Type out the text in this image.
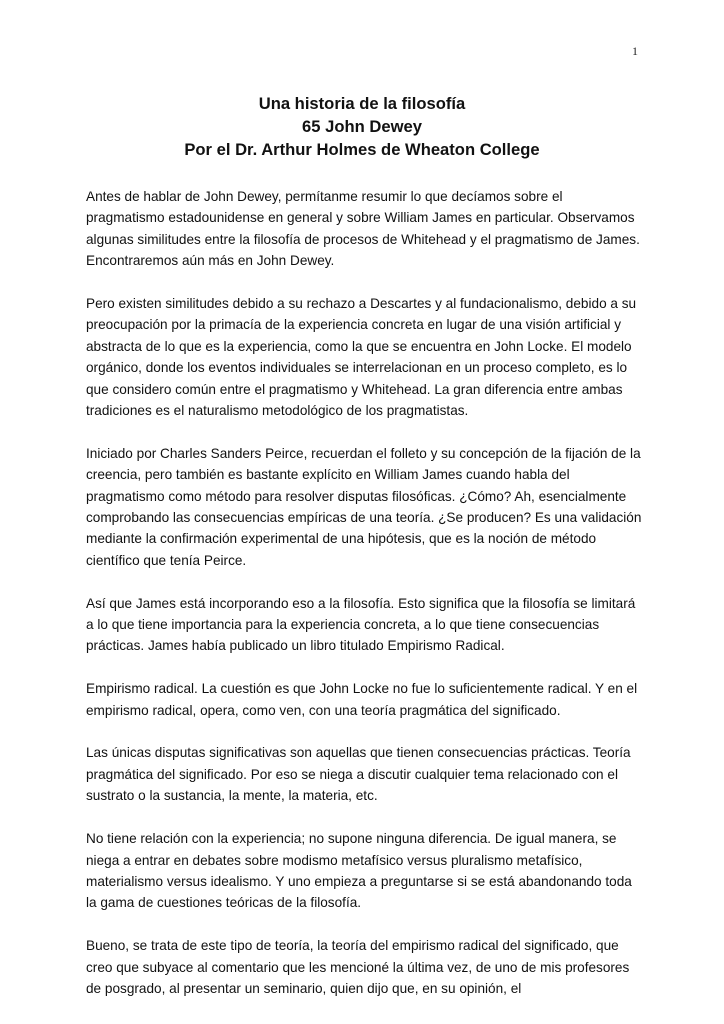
1
Una historia de la filosofía
65 John Dewey
Por el Dr. Arthur Holmes de Wheaton College

Antes de hablar de John Dewey, permítanme resumir lo que decíamos sobre el pragmatismo estadounidense en general y sobre William James en particular. Observamos algunas similitudes entre la filosofía de procesos de Whitehead y el pragmatismo de James. Encontraremos aún más en John Dewey.

Pero existen similitudes debido a su rechazo a Descartes y al fundacionalismo, debido a su preocupación por la primacía de la experiencia concreta en lugar de una visión artificial y abstracta de lo que es la experiencia, como la que se encuentra en John Locke. El modelo orgánico, donde los eventos individuales se interrelacionan en un proceso completo, es lo que considero común entre el pragmatismo y Whitehead. La gran diferencia entre ambas tradiciones es el naturalismo metodológico de los pragmatistas.

Iniciado por Charles Sanders Peirce, recuerdan el folleto y su concepción de la fijación de la creencia, pero también es bastante explícito en William James cuando habla del pragmatismo como método para resolver disputas filosóficas. ¿Cómo? Ah, esencialmente comprobando las consecuencias empíricas de una teoría. ¿Se producen? Es una validación mediante la confirmación experimental de una hipótesis, que es la noción de método científico que tenía Peirce.

Así que James está incorporando eso a la filosofía. Esto significa que la filosofía se limitará a lo que tiene importancia para la experiencia concreta, a lo que tiene consecuencias prácticas. James había publicado un libro titulado Empirismo Radical.

Empirismo radical. La cuestión es que John Locke no fue lo suficientemente radical. Y en el empirismo radical, opera, como ven, con una teoría pragmática del significado.

Las únicas disputas significativas son aquellas que tienen consecuencias prácticas. Teoría pragmática del significado. Por eso se niega a discutir cualquier tema relacionado con el sustrato o la sustancia, la mente, la materia, etc.

No tiene relación con la experiencia; no supone ninguna diferencia. De igual manera, se niega a entrar en debates sobre modismo metafísico versus pluralismo metafísico, materialismo versus idealismo. Y uno empieza a preguntarse si se está abandonando toda la gama de cuestiones teóricas de la filosofía.

Bueno, se trata de este tipo de teoría, la teoría del empirismo radical del significado, que creo que subyace al comentario que les mencioné la última vez, de uno de mis profesores de posgrado, al presentar un seminario, quien dijo que, en su opinión, el
